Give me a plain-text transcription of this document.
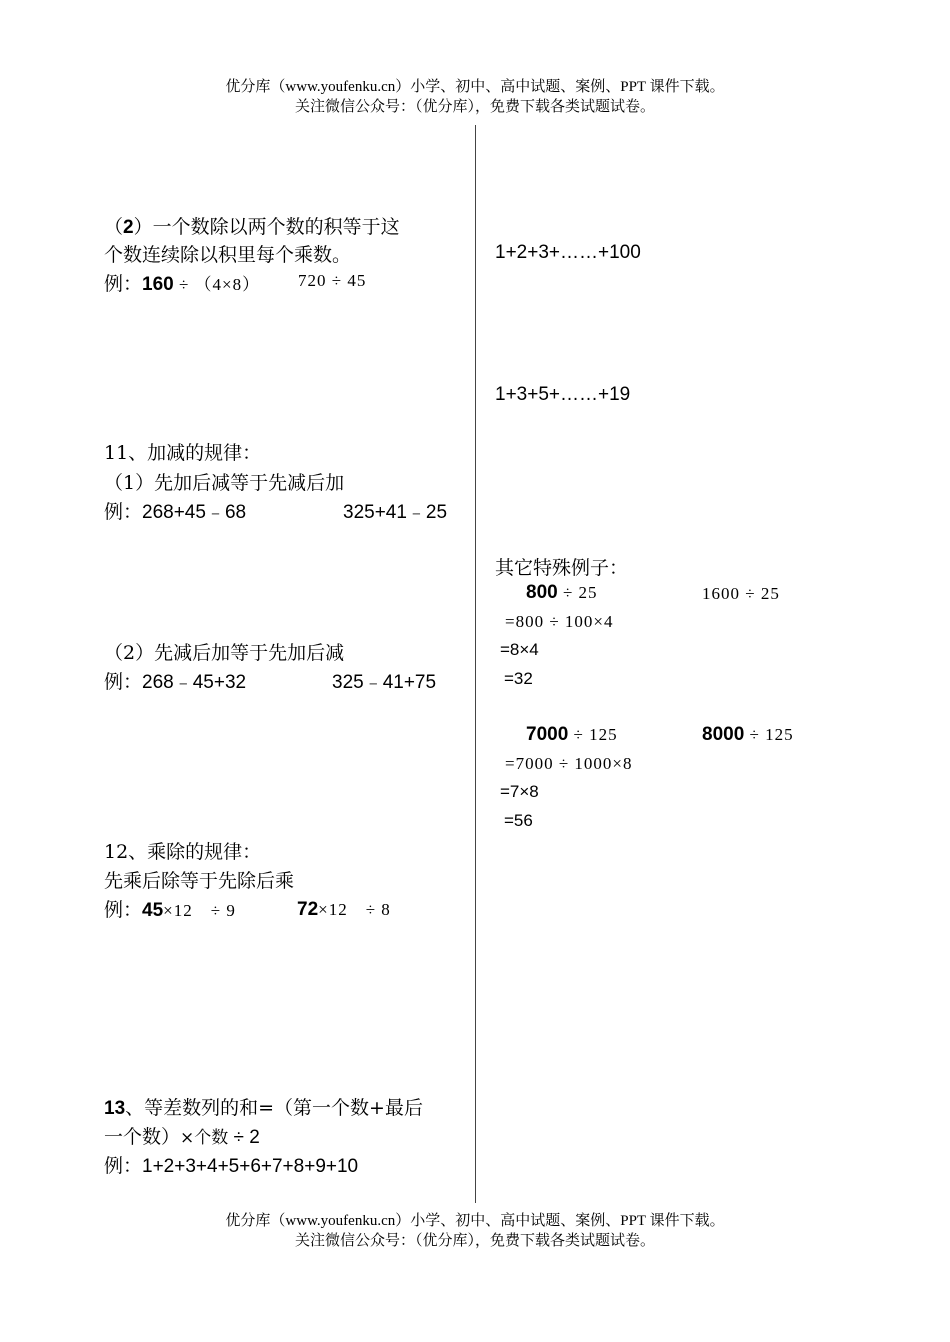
优分库（www.youfenku.cn）小学、初中、高中试题、案例、PPT 课件下载。
关注微信公众号：（优分库），免费下载各类试题试卷。
（2）一个数除以两个数的积等于这
个数连续除以积里每个乘数。
例：160 ÷ （4×8） 720 ÷ 45
11、加减的规律：
（1）先加后减等于先减后加
例：268+45﹣68	325+41﹣25
（2）先减后加等于先加后减
例：268﹣45+32	325﹣41+75
12、乘除的规律：
先乘后除等于先除后乘
例：45×12　÷ 9	72×12　÷ 8
13、等差数列的和=（第一个数+最后
一个数）×个数 ÷ 2
例：1+2+3+4+5+6+7+8+9+10
1+2+3+……+100
1+3+5+……+19
其它特殊例子：
800 ÷ 25	1600 ÷ 25
=800 ÷ 100×4
=8×4
=32
7000 ÷ 125	8000 ÷ 125
=7000 ÷ 1000×8
=7×8
=56
优分库（www.youfenku.cn）小学、初中、高中试题、案例、PPT 课件下载。
关注微信公众号：（优分库），免费下载各类试题试卷。
